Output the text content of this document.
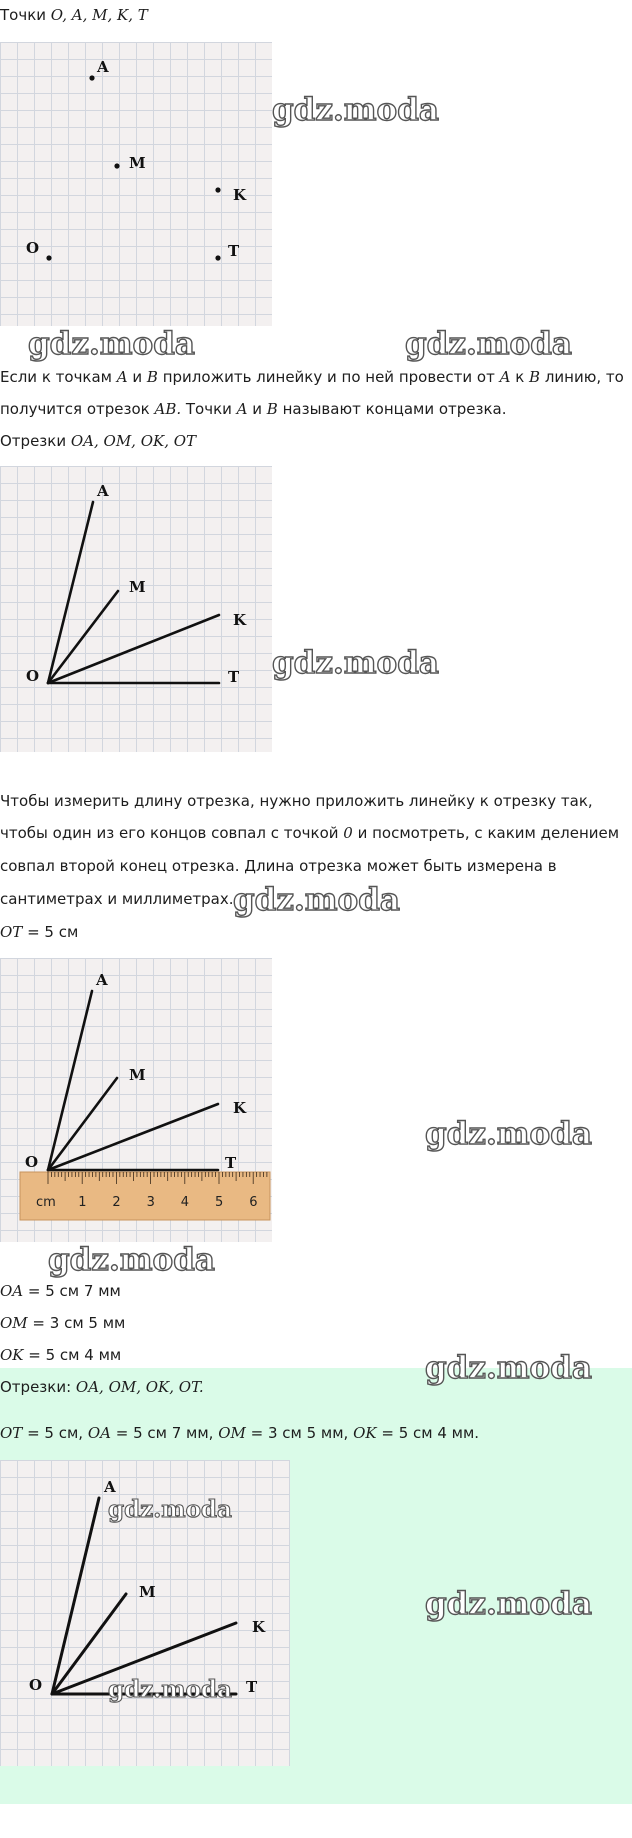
Точки O, A, M, K, T
A
M
K
O	T
Если к точкам A и B приложить линейку и по ней провести от A к B линию, то
получится отрезок AB. Точки A и B называют концами отрезка.
Отрезки OA, OM, OK, OT
A
M
K
O	T
Чтобы измерить длину отрезка, нужно приложить линейку к отрезку так,
чтобы один из его концов совпал с точкой 0 и посмотреть, с каким делением
совпал второй конец отрезка. Длина отрезка может быть измерена в
сантиметрах и миллиметрах.
OT = 5 см
A
M
K
O	T
cm 1 2 3 4 5 6
OA = 5 см 7 мм
OM = 3 см 5 мм
OK = 5 см 4 мм
Отрезки: OA, OM, OK, OT.
OT = 5 см, OA = 5 см 7 мм, OM = 3 см 5 мм, OK = 5 см 4 мм.
A
M
K
O	T
gdz.moda
gdz.moda	gdz.moda
gdz.moda
gdz.moda
gdz.moda
gdz.moda
gdz.moda
gdz.moda
gdz.moda
gdz.moda
